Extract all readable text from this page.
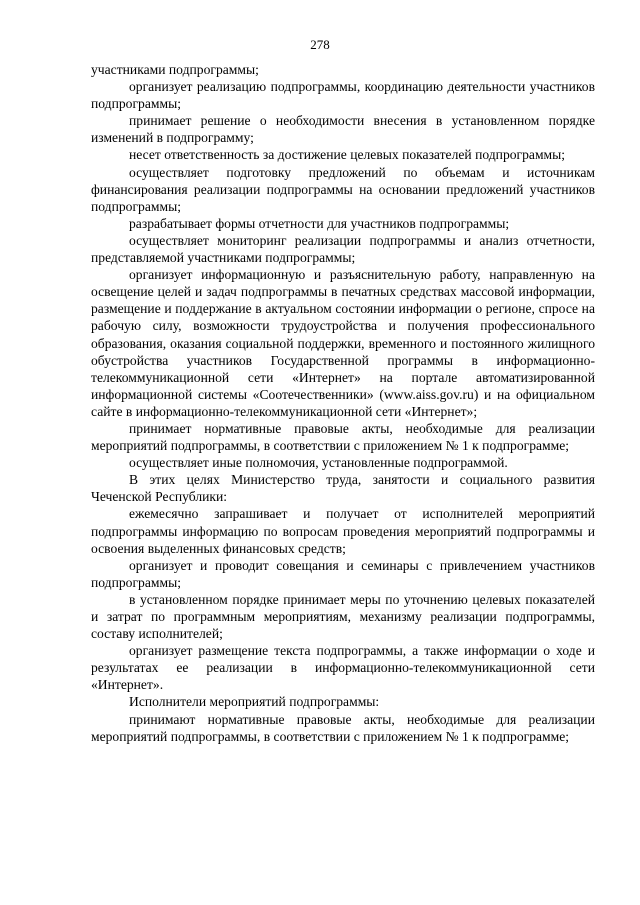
278

участниками подпрограммы;

организует реализацию подпрограммы, координацию деятельности участников подпрограммы;

принимает решение о необходимости внесения в установленном порядке изменений в подпрограмму;

несет ответственность за достижение целевых показателей подпрограммы;

осуществляет подготовку предложений по объемам и источникам финансирования реализации подпрограммы на основании предложений участников подпрограммы;

разрабатывает формы отчетности для участников подпрограммы;

осуществляет мониторинг реализации подпрограммы и анализ отчетности, представляемой участниками подпрограммы;

организует информационную и разъяснительную работу, направленную на освещение целей и задач подпрограммы в печатных средствах массовой информации, размещение и поддержание в актуальном состоянии информации о регионе, спросе на рабочую силу, возможности трудоустройства и получения профессионального образования, оказания социальной поддержки, временного и постоянного жилищного обустройства участников Государственной программы в информационно-телекоммуникационной сети «Интернет» на портале автоматизированной информационной системы «Соотечественники» (www.aiss.gov.ru) и на официальном сайте в информационно-телекоммуникационной сети «Интернет»;

принимает нормативные правовые акты, необходимые для реализации мероприятий подпрограммы, в соответствии с приложением № 1 к подпрограмме;

осуществляет иные полномочия, установленные подпрограммой.

В этих целях Министерство труда, занятости и социального развития Чеченской Республики:

ежемесячно запрашивает и получает от исполнителей мероприятий подпрограммы информацию по вопросам проведения мероприятий подпрограммы и освоения выделенных финансовых средств;

организует и проводит совещания и семинары с привлечением участников подпрограммы;

в установленном порядке принимает меры по уточнению целевых показателей и затрат по программным мероприятиям, механизму реализации подпрограммы, составу исполнителей;

организует размещение текста подпрограммы, а также информации о ходе и результатах ее реализации в информационно-телекоммуникационной сети «Интернет».

Исполнители мероприятий подпрограммы:

принимают нормативные правовые акты, необходимые для реализации мероприятий подпрограммы, в соответствии с приложением № 1 к подпрограмме;
